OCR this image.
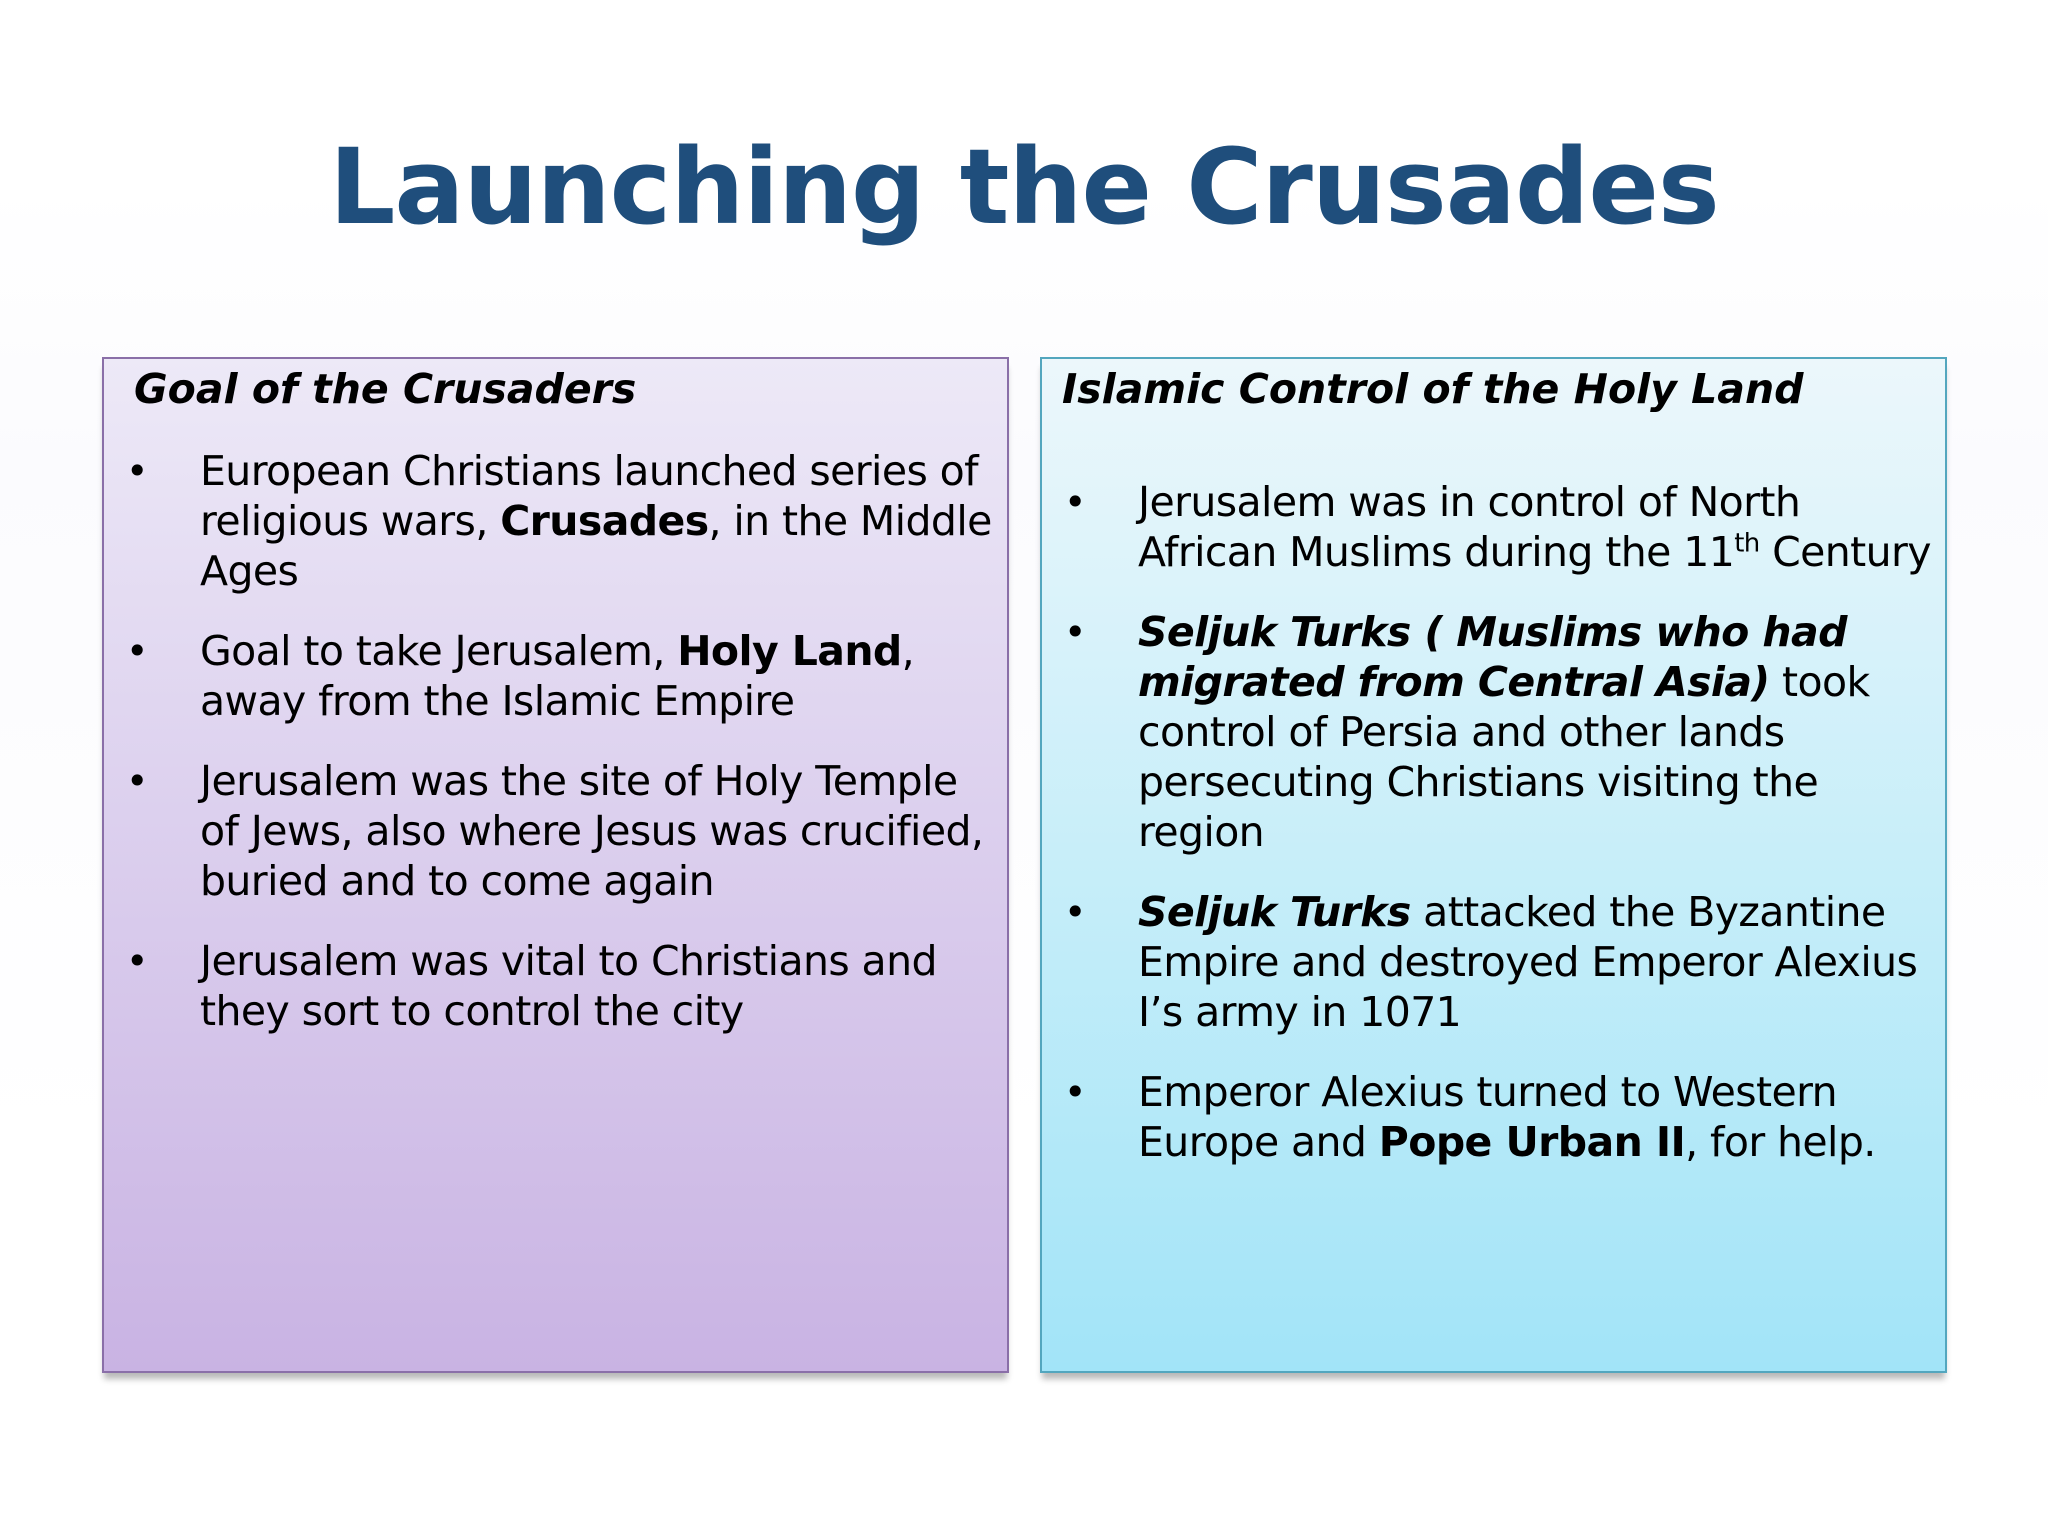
Launching the Crusades
Goal of the Crusaders
• European Christians launched series of religious wars, Crusades, in the Middle Ages
• Goal to take Jerusalem, Holy Land, away from the Islamic Empire
• Jerusalem was the site of Holy Temple of Jews, also where Jesus was crucified, buried and to come again
• Jerusalem was vital to Christians and they sort to control the city
Islamic Control of the Holy Land
• Jerusalem was in control of North African Muslims during the 11th Century
• Seljuk Turks ( Muslims who had migrated from Central Asia) took control of Persia and other lands persecuting Christians visiting the region
• Seljuk Turks attacked the Byzantine Empire and destroyed Emperor Alexius I’s army in 1071
• Emperor Alexius turned to Western Europe and Pope Urban II, for help.
